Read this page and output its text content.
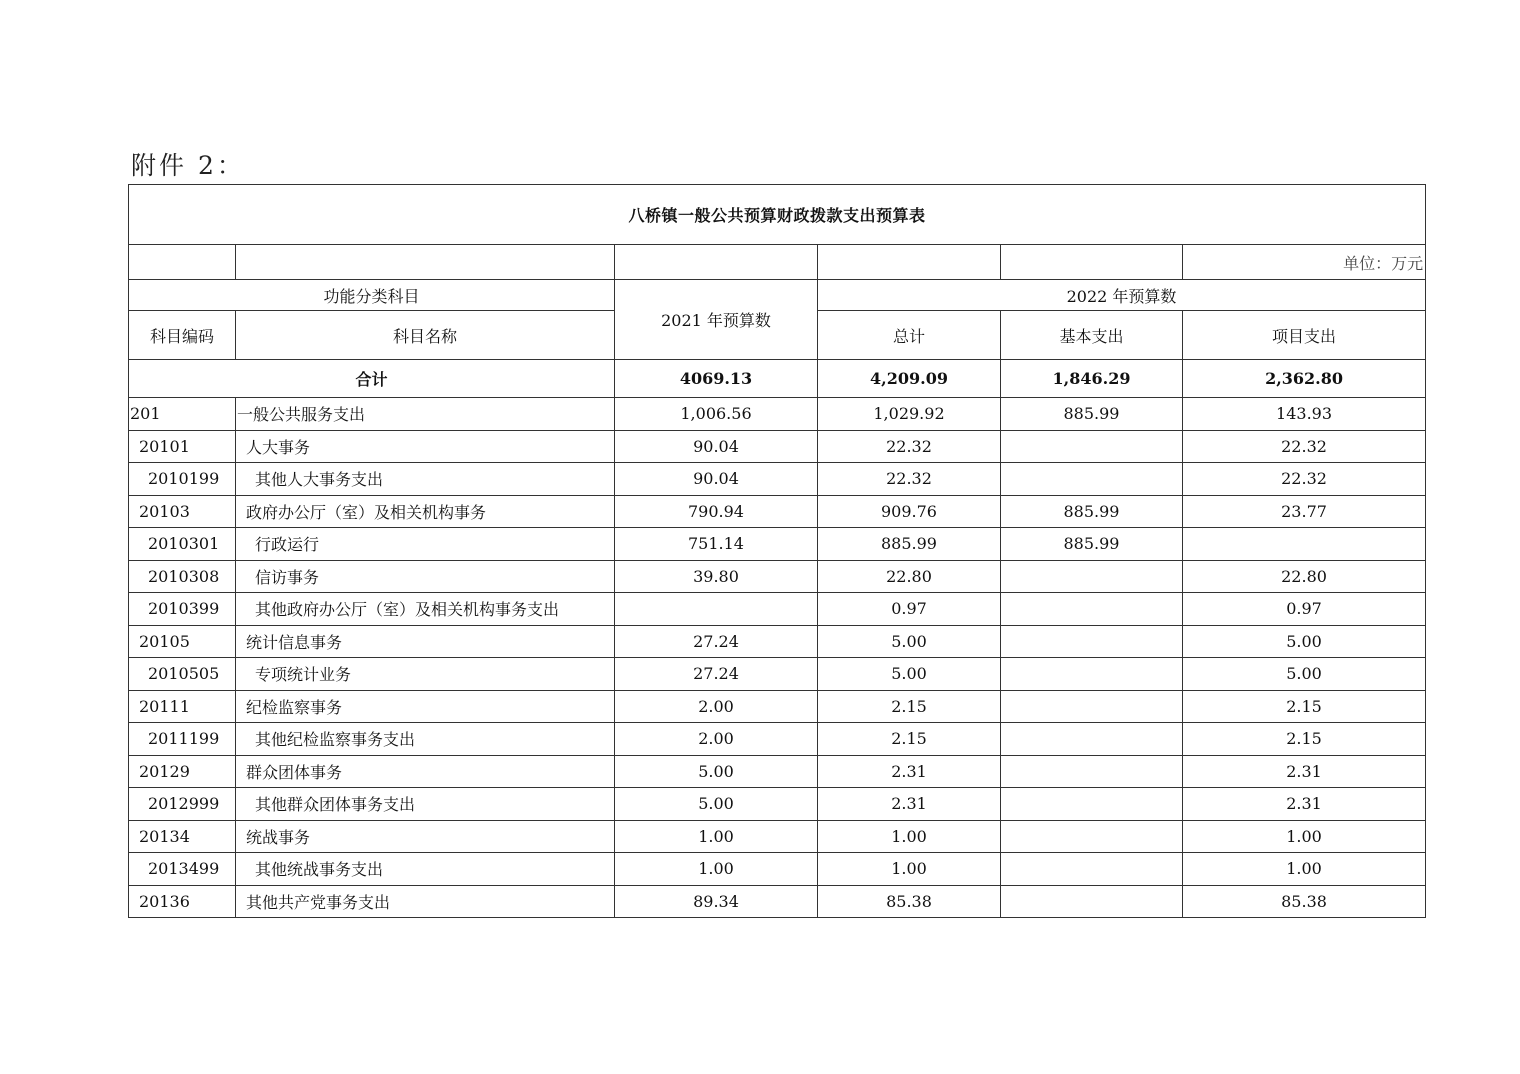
附件 2：
八桥镇一般公共预算财政拨款支出预算表					
					单位：万元
功能分类科目		2021 年预算数	2022 年预算数		
科目编码	科目名称		总计	基本支出	项目支出
合计		4069.13	4,209.09	1,846.29	2,362.80
201	一般公共服务支出	1,006.56	1,029.92	885.99	143.93
20101	人大事务	90.04	22.32		22.32
2010199	其他人大事务支出	90.04	22.32		22.32
20103	政府办公厅（室）及相关机构事务	790.94	909.76	885.99	23.77
2010301	行政运行	751.14	885.99	885.99	
2010308	信访事务	39.80	22.80		22.80
2010399	其他政府办公厅（室）及相关机构事务支出		0.97		0.97
20105	统计信息事务	27.24	5.00		5.00
2010505	专项统计业务	27.24	5.00		5.00
20111	纪检监察事务	2.00	2.15		2.15
2011199	其他纪检监察事务支出	2.00	2.15		2.15
20129	群众团体事务	5.00	2.31		2.31
2012999	其他群众团体事务支出	5.00	2.31		2.31
20134	统战事务	1.00	1.00		1.00
2013499	其他统战事务支出	1.00	1.00		1.00
20136	其他共产党事务支出	89.34	85.38		85.38
